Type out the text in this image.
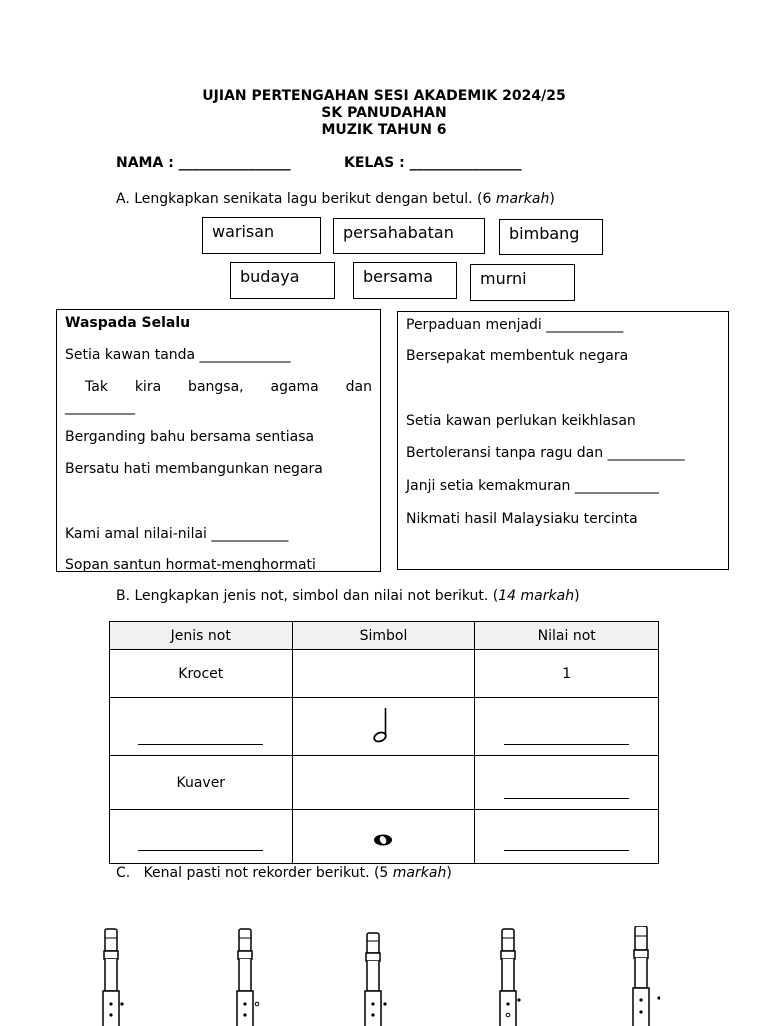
UJIAN PERTENGAHAN SESI AKADEMIK 2024/25
SK PANUDAHAN
MUZIK TAHUN 6
NAMA : ________________	KELAS : ________________
A. Lengkapkan senikata lagu berikut dengan betul. (6 markah)
warisan	persahabatan	bimbang
budaya	bersama	murni
Waspada Selalu
Setia kawan tanda _____________
Tak kira bangsa, agama dan
__________
Berganding bahu bersama sentiasa
Bersatu hati membangunkan negara
Kami amal nilai-nilai ___________
Sopan santun hormat-menghormati
Perpaduan menjadi ___________
Bersepakat membentuk negara
Setia kawan perlukan keikhlasan
Bertoleransi tanpa ragu dan ___________
Janji setia kemakmuran ____________
Nikmati hasil Malaysiaku tercinta
B. Lengkapkan jenis not, simbol dan nilai not berikut. (14 markah)
Jenis not	Simbol	Nilai not
Krocet		1

Kuaver		

C.   Kenal pasti not rekorder berikut. (5 markah)
